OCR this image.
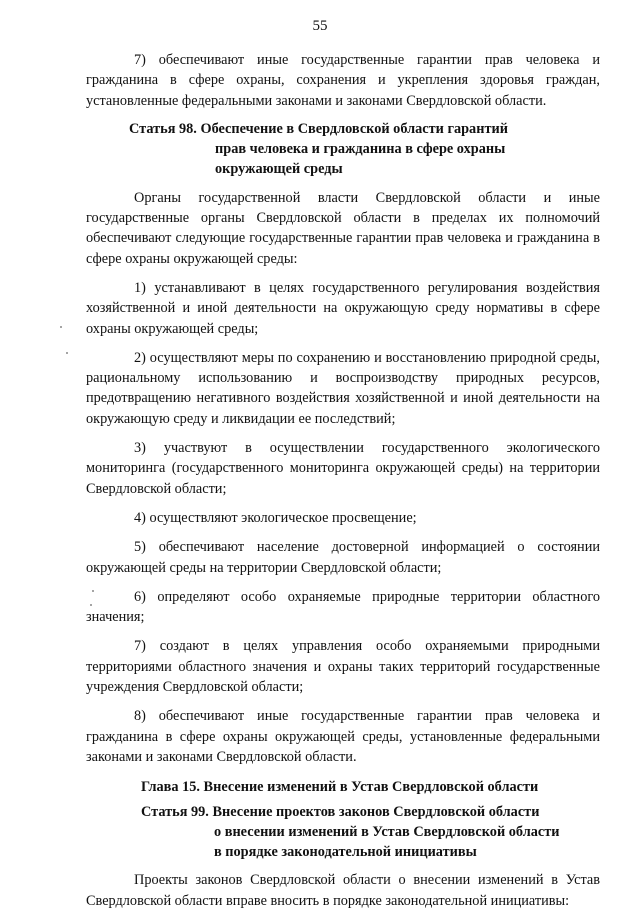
55

7) обеспечивают иные государственные гарантии прав человека и гражданина в сфере охраны, сохранения и укрепления здоровья граждан, установленные федеральными законами и законами Свердловской области.

Статья 98. Обеспечение в Свердловской области гарантий
прав человека и гражданина в сфере охраны
окружающей среды

Органы государственной власти Свердловской области и иные государственные органы Свердловской области в пределах их полномочий обеспечивают следующие государственные гарантии прав человека и гражданина в сфере охраны окружающей среды:

1) устанавливают в целях государственного регулирования воздействия хозяйственной и иной деятельности на окружающую среду нормативы в сфере охраны окружающей среды;

2) осуществляют меры по сохранению и восстановлению природной среды, рациональному использованию и воспроизводству природных ресурсов, предотвращению негативного воздействия хозяйственной и иной деятельности на окружающую среду и ликвидации ее последствий;

3) участвуют в осуществлении государственного экологического мониторинга (государственного мониторинга окружающей среды) на территории Свердловской области;

4) осуществляют экологическое просвещение;

5) обеспечивают население достоверной информацией о состоянии окружающей среды на территории Свердловской области;

6) определяют особо охраняемые природные территории областного значения;

7) создают в целях управления особо охраняемыми природными территориями областного значения и охраны таких территорий государственные учреждения Свердловской области;

8) обеспечивают иные государственные гарантии прав человека и гражданина в сфере охраны окружающей среды, установленные федеральными законами и законами Свердловской области.

Глава 15. Внесение изменений в Устав Свердловской области
Статья 99. Внесение проектов законов Свердловской области
о внесении изменений в Устав Свердловской области
в порядке законодательной инициативы

Проекты законов Свердловской области о внесении изменений в Устав Свердловской области вправе вносить в порядке законодательной инициативы:
